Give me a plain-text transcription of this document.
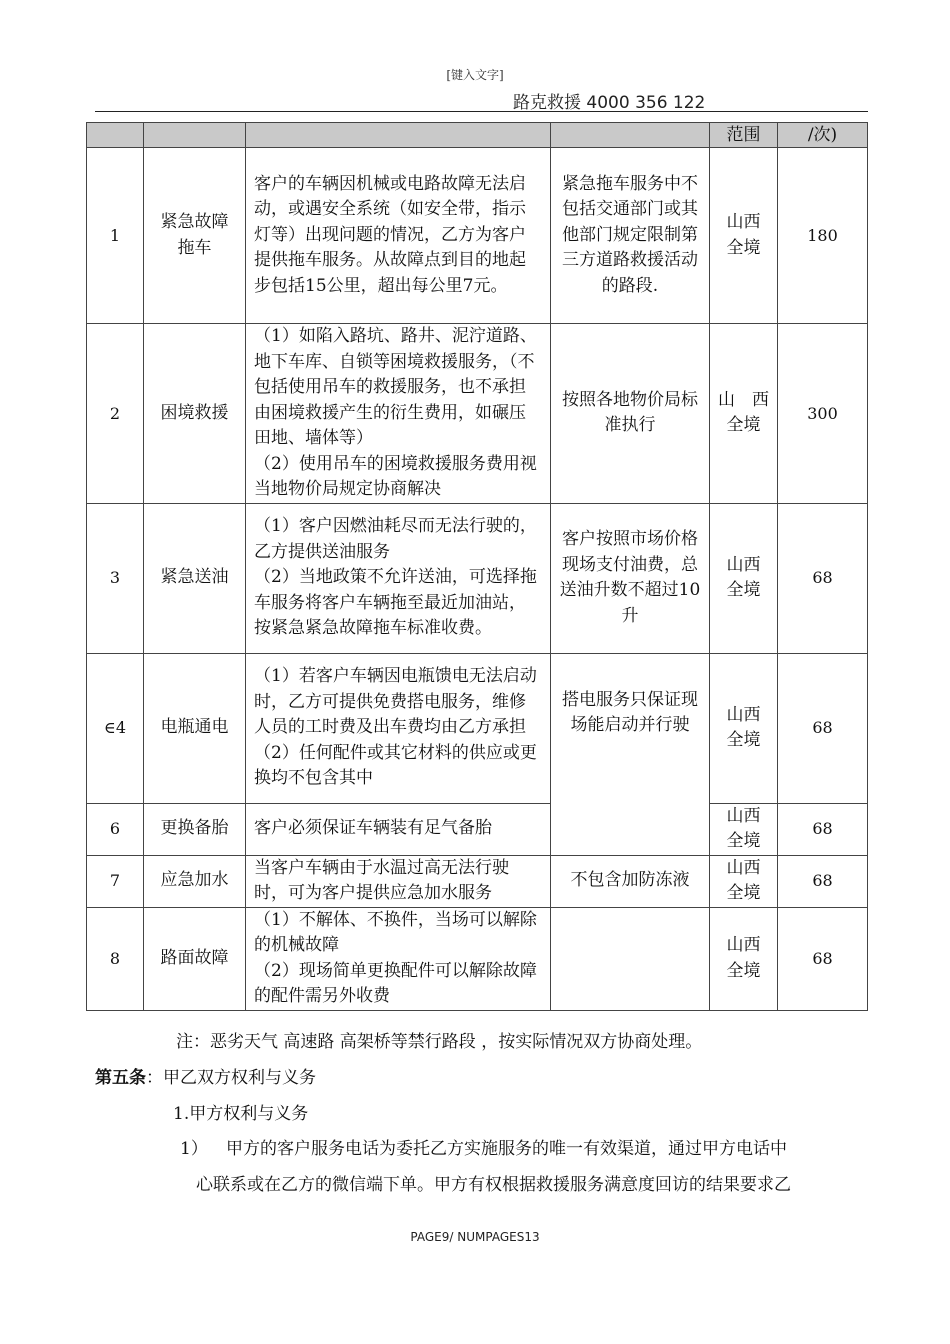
[键入文字]
路克救援 4000 356 122
				范围	/次)
1	紧急故障拖车	客户的车辆因机械或电路故障无法启动，或遇安全系统（如安全带，指示灯等）出现问题的情况，乙方为客户提供拖车服务。从故障点到目的地起步包括15公里，超出每公里7元。	紧急拖车服务中不包括交通部门或其他部门规定限制第三方道路救援活动的路段.	山西全境	180
2	困境救援	（1）如陷入路坑、路井、泥泞道路、地下车库、自锁等困境救援服务，（不包括使用吊车的救援服务，也不承担由困境救援产生的衍生费用，如碾压田地、墙体等）
（2）使用吊车的困境救援服务费用视当地物价局规定协商解决	按照各地物价局标准执行	山　西全境	300
3	紧急送油	（1）客户因燃油耗尽而无法行驶的，乙方提供送油服务
（2）当地政策不允许送油，可选择拖车服务将客户车辆拖至最近加油站，按紧急紧急故障拖车标准收费。	客户按照市场价格现场支付油费，总送油升数不超过10升	山西全境	68
∈4	电瓶通电	（1）若客户车辆因电瓶馈电无法启动时，乙方可提供免费搭电服务，维修人员的工时费及出车费均由乙方承担
（2）任何配件或其它材料的供应或更换均不包含其中	搭电服务只保证现场能启动并行驶	山西全境	68
6	更换备胎	客户必须保证车辆装有足气备胎		山西全境	68
7	应急加水	当客户车辆由于水温过高无法行驶时，可为客户提供应急加水服务	不包含加防冻液	山西全境	68
8	路面故障	（1）不解体、不换件，当场可以解除的机械故障
（2）现场简单更换配件可以解除故障的配件需另外收费		山西全境	68
注：恶劣天气 高速路 高架桥等禁行路段 ，按实际情况双方协商处理。
第五条：甲乙双方权利与义务
1.甲方权利与义务
1） 甲方的客户服务电话为委托乙方实施服务的唯一有效渠道，通过甲方电话中
心联系或在乙方的微信端下单。甲方有权根据救援服务满意度回访的结果要求乙
PAGE9/ NUMPAGES13
